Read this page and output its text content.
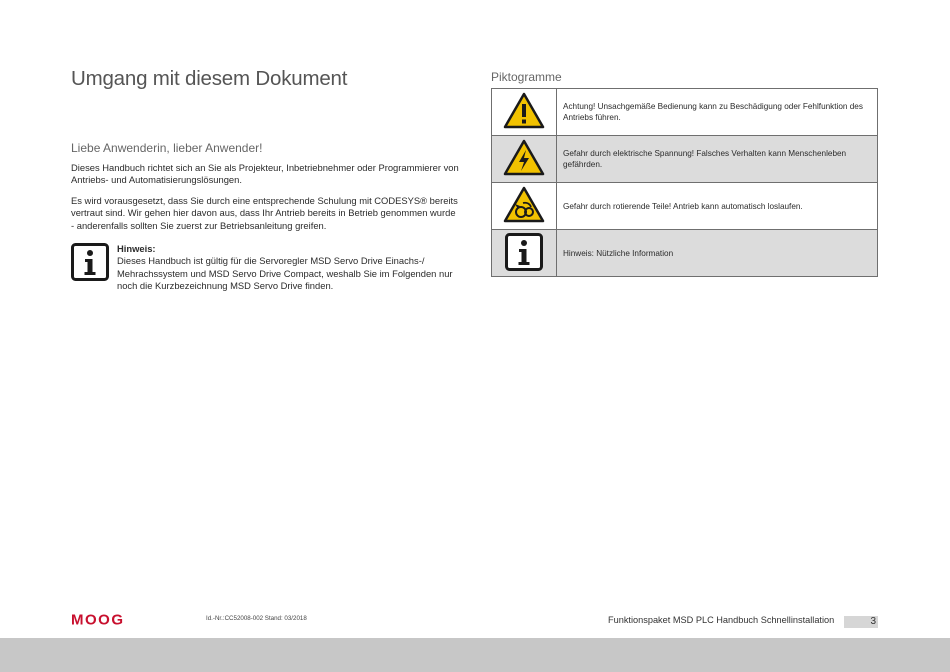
Umgang mit diesem Dokument
Liebe Anwenderin, lieber Anwender!
Dieses Handbuch richtet sich an Sie als Projekteur, Inbetriebnehmer oder Programmierer von Antriebs- und Automatisierungslösungen.
Es wird vorausgesetzt, dass Sie durch eine entsprechende Schulung mit CODESYS® bereits vertraut sind. Wir gehen hier davon aus, dass Ihr Antrieb bereits in Betrieb genommen wurde - anderenfalls sollten Sie zuerst zur Betriebsanleitung greifen.
Hinweis:
Dieses Handbuch ist gültig für die Servoregler MSD Servo Drive Einachs-/ Mehrachssystem und MSD Servo Drive Compact, weshalb Sie im Folgenden nur noch die Kurzbezeichnung MSD Servo Drive finden.
Piktogramme
	Achtung! Unsachgemäße Bedienung kann zu Beschädigung oder Fehlfunktion des Antriebs führen.
	Gefahr durch elektrische Spannung! Falsches Verhalten kann Menschenleben gefährden.
	Gefahr durch rotierende Teile! Antrieb kann automatisch loslaufen.
	Hinweis: Nützliche Information
MOOG	Id.-Nr.:CC52008-002 Stand: 03/2018	Funktionspaket MSD PLC Handbuch Schnellinstallation	3
